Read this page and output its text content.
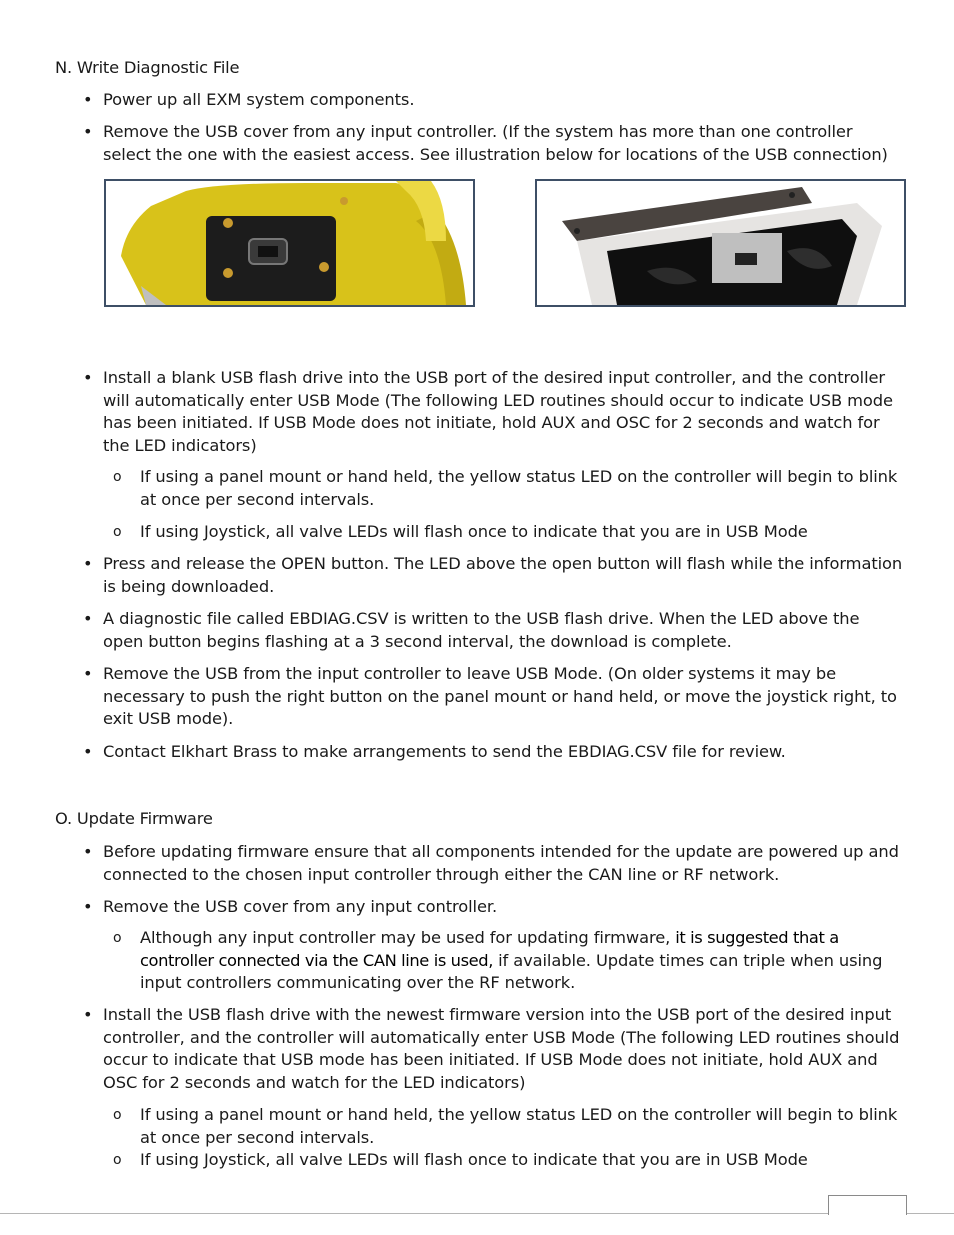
N. Write Diagnostic File

• Power up all EXM system components.

• Remove the USB cover from any input controller. (If the system has more than one controller select the one with the easiest access. See illustration below for locations of the USB connection)

• Install a blank USB flash drive into the USB port of the desired input controller, and the controller will automatically enter USB Mode (The following LED routines should occur to indicate USB mode has been initiated. If USB Mode does not initiate, hold AUX and OSC for 2 seconds and watch for the LED indicators)

o If using a panel mount or hand held, the yellow status LED on the controller will begin to blink at once per second intervals.

o If using Joystick, all valve LEDs will flash once to indicate that you are in USB Mode

• Press and release the OPEN button. The LED above the open button will flash while the information is being downloaded.

• A diagnostic file called EBDIAG.CSV is written to the USB flash drive. When the LED above the open button begins flashing at a 3 second interval, the download is complete.

• Remove the USB from the input controller to leave USB Mode. (On older systems it may be necessary to push the right button on the panel mount or hand held, or move the joystick right, to exit USB mode).

• Contact Elkhart Brass to make arrangements to send the EBDIAG.CSV file for review.

O. Update Firmware

• Before updating firmware ensure that all components intended for the update are powered up and connected to the chosen input controller through either the CAN line or RF network.

• Remove the USB cover from any input controller.

o Although any input controller may be used for updating firmware, it is suggested that a controller connected via the CAN line is used, if available. Update times can triple when using input controllers communicating over the RF network.

• Install the USB flash drive with the newest firmware version into the USB port of the desired input controller, and the controller will automatically enter USB Mode (The following LED routines should occur to indicate that USB mode has been initiated. If USB Mode does not initiate, hold AUX and OSC for 2 seconds and watch for the LED indicators)

o If using a panel mount or hand held, the yellow status LED on the controller will begin to blink at once per second intervals.

o If using Joystick, all valve LEDs will flash once to indicate that you are in USB Mode
